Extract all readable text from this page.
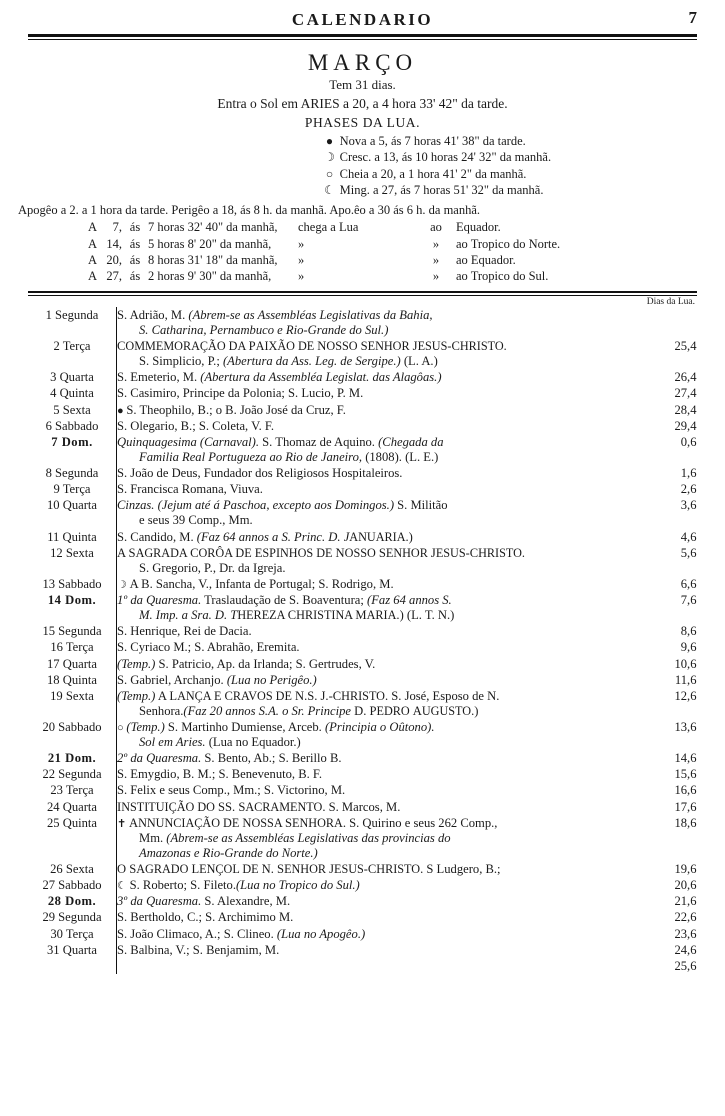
CALENDARIO	7
MARÇO
Tem 31 dias.
Entra o Sol em ARIES a 20, a 4 hora 33' 42" da tarde.
PHASES DA LUA.
● Nova a 5, ás 7 horas 41' 38" da tarde.
☽ Cresc. a 13, ás 10 horas 24' 32" da manhã.
○ Cheia a 20, a 1 hora 41' 2" da manhã.
☾ Ming. a 27, ás 7 horas 51' 32" da manhã.
Apogêo a 2. a 1 hora da tarde. Perigêo a 18, ás 8 h. da manhã. Apo.êo a 30 ás 6 h. da manhã.
A 7, ás 7 horas 32' 40" da manhã, chega a Lua	ao Equador.
A 14, ás 5 horas 8' 20" da manhã, »	» ao Tropico do Norte.
A 20, ás 8 horas 31' 18" da manhã, »	» ao Equador.
A 27, ás 2 horas 9' 30" da manhã, »	» ao Tropico do Sul.
Dias da Lua.
1 Segunda	S. Adrião, M. (Abrem-se as Assembléas Legislativas da Bahia,
S. Catharina, Pernambuco e Rio-Grande do Sul.)	

2 Terça	COMMEMORAÇÃO DA PAIXÃO DE NOSSO SENHOR JESUS-CHRISTO.
S. Simplicio, P.; (Abertura da Ass. Leg. de Sergipe.) (L. A.)	25,4
3 Quarta	S. Emeterio, M. (Abertura da Assembléa Legislat. das Alagôas.)	26,4
4 Quinta	S. Casimiro, Principe da Polonia; S. Lucio, P. M.	27,4
5 Sexta	● S. Theophilo, B.; o B. João José da Cruz, F.	28,4
6 Sabbado	S. Olegario, B.; S. Coleta, V. F.	29,4
7 Dom.	Quinquagesima (Carnaval). S. Thomaz de Aquino. (Chegada da
Familia Real Portugueza ao Rio de Janeiro, (1808). (L. E.)	0,6
8 Segunda	S. João de Deus, Fundador dos Religiosos Hospitaleiros.	1,6
9 Terça	S. Francisca Romana, Viuva.	2,6
10 Quarta	Cinzas. (Jejum até á Paschoa, excepto aos Domingos.) S. Militão
e seus 39 Comp., Mm.	3,6
11 Quinta	S. Candido, M. (Faz 64 annos a S. Princ. D. JANUARIA.)	4,6
12 Sexta	A SAGRADA CORÔA DE ESPINHOS DE NOSSO SENHOR JESUS-CHRISTO.
S. Gregorio, P., Dr. da Igreja.	5,6
13 Sabbado	☽ A B. Sancha, V., Infanta de Portugal; S. Rodrigo, M.	6,6
14 Dom.	1º da Quaresma. Traslaudação de S. Boaventura; (Faz 64 annos S.
M. Imp. a Sra. D. THEREZA CHRISTINA MARIA.) (L. T. N.)	7,6
15 Segunda	S. Henrique, Rei de Dacia.	8,6
16 Terça	S. Cyriaco M.; S. Abrahão, Eremita.	9,6
17 Quarta	(Temp.) S. Patricio, Ap. da Irlanda; S. Gertrudes, V.	10,6
18 Quinta	S. Gabriel, Archanjo. (Lua no Perigêo.)	11,6
19 Sexta	(Temp.) A LANÇA E CRAVOS DE N.S. J.-CHRISTO. S. José, Esposo de N.
Senhora.(Faz 20 annos S.A. o Sr. Principe D. PEDRO AUGUSTO.)	12,6
20 Sabbado	○ (Temp.) S. Martinho Dumiense, Arceb. (Principia o Oûtono).
Sol em Aries. (Lua no Equador.)	13,6
21 Dom.	2º da Quaresma. S. Bento, Ab.; S. Berillo B.	14,6
22 Segunda	S. Emygdio, B. M.; S. Benevenuto, B. F.	15,6
23 Terça	S. Felix e seus Comp., Mm.; S. Victorino, M.	16,6
24 Quarta	INSTITUIÇÃO DO SS. SACRAMENTO. S. Marcos, M.	17,6
25 Quinta	✝ ANNUNCIAÇÃO DE NOSSA SENHORA. S. Quirino e seus 262 Comp.,
Mm. (Abrem-se as Assembléas Legislativas das provincias do
Amazonas e Rio-Grande do Norte.)	18,6
26 Sexta	O SAGRADO LENÇOL DE N. SENHOR JESUS-CHRISTO. S Ludgero, B.;	19,6
27 Sabbado	☾ S. Roberto; S. Fileto.(Lua no Tropico do Sul.)	20,6
28 Dom.	3º da Quaresma. S. Alexandre, M.	21,6
29 Segunda	S. Bertholdo, C.; S. Archimimo M.	22,6
30 Terça	S. João Climaco, A.; S. Clineo. (Lua no Apogêo.)	23,6
31 Quarta	S. Balbina, V.; S. Benjamim, M.	24,6
		25,6
